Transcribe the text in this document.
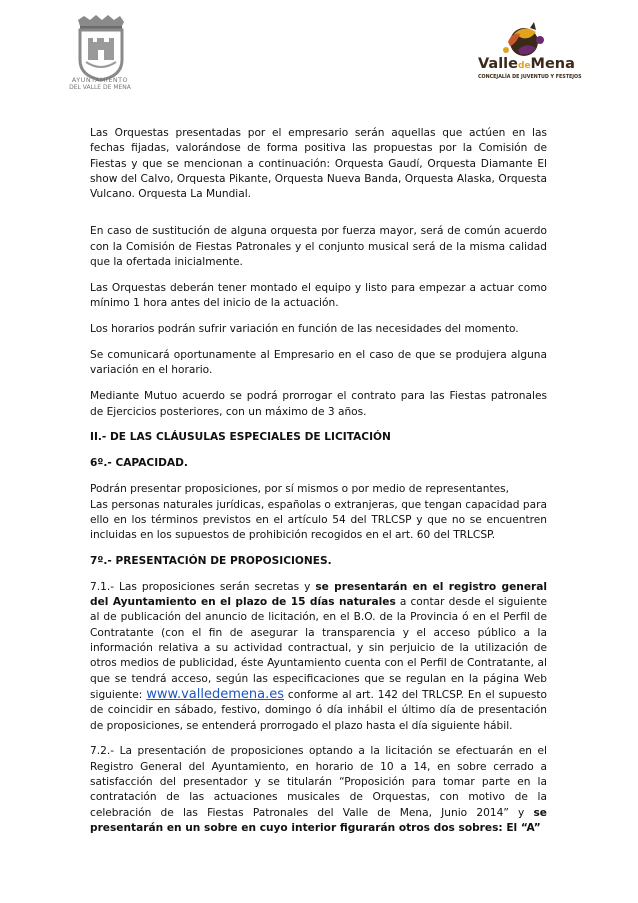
AYUNTAMIENTO
DEL VALLE DE MENA
ValledeMena
CONCEJALÍA DE JUVENTUD Y FESTEJOS

Las Orquestas presentadas por el empresario serán aquellas que actúen en las fechas fijadas, valorándose de forma positiva las propuestas por la Comisión de Fiestas y que se mencionan a continuación: Orquesta Gaudí, Orquesta Diamante El show del Calvo, Orquesta Pikante, Orquesta Nueva Banda, Orquesta Alaska, Orquesta Vulcano. Orquesta La Mundial.

En caso de sustitución de alguna orquesta por fuerza mayor, será de común acuerdo con la Comisión de Fiestas Patronales y el conjunto musical será de la misma calidad que la ofertada inicialmente.

Las Orquestas deberán tener montado el equipo y listo para empezar a actuar como mínimo 1 hora antes del inicio de la actuación.

Los horarios podrán sufrir variación en función de las necesidades del momento.

Se comunicará oportunamente al Empresario en el caso de que se produjera alguna variación en el horario.

Mediante Mutuo acuerdo se podrá prorrogar el contrato para las Fiestas patronales de Ejercicios posteriores, con un máximo de 3 años.

II.- DE LAS CLÁUSULAS ESPECIALES DE LICITACIÓN

6º.- CAPACIDAD.

Podrán presentar proposiciones, por sí mismos o por medio de representantes,

Las personas naturales jurídicas, españolas o extranjeras, que tengan capacidad para ello en los términos previstos en el artículo 54 del TRLCSP y que no se encuentren incluidas en los supuestos de prohibición recogidos en el art. 60 del TRLCSP.

7º.- PRESENTACIÓN DE PROPOSICIONES.

7.1.- Las proposiciones serán secretas y se presentarán en el registro general del Ayuntamiento en el plazo de 15 días naturales a contar desde el siguiente al de publicación del anuncio de licitación, en el B.O. de la Provincia ó en el Perfil de Contratante (con el fin de asegurar la transparencia y el acceso público a la información relativa a su actividad contractual, y sin perjuicio de la utilización de otros medios de publicidad, éste Ayuntamiento cuenta con el Perfil de Contratante, al que se tendrá acceso, según las especificaciones que se regulan en la página Web siguiente: www.valledemena.es conforme al art. 142 del TRLCSP. En el supuesto de coincidir en sábado, festivo, domingo ó día inhábil el último día de presentación de proposiciones, se entenderá prorrogado el plazo hasta el día siguiente hábil.

7.2.- La presentación de proposiciones optando a la licitación se efectuarán en el Registro General del Ayuntamiento, en horario de 10 a 14, en sobre cerrado a satisfacción del presentador y se titularán “Proposición para tomar parte en la contratación de las actuaciones musicales de Orquestas, con motivo de la celebración de las Fiestas Patronales del Valle de Mena, Junio 2014” y se presentarán en un sobre en cuyo interior figurarán otros dos sobres: El “A”
